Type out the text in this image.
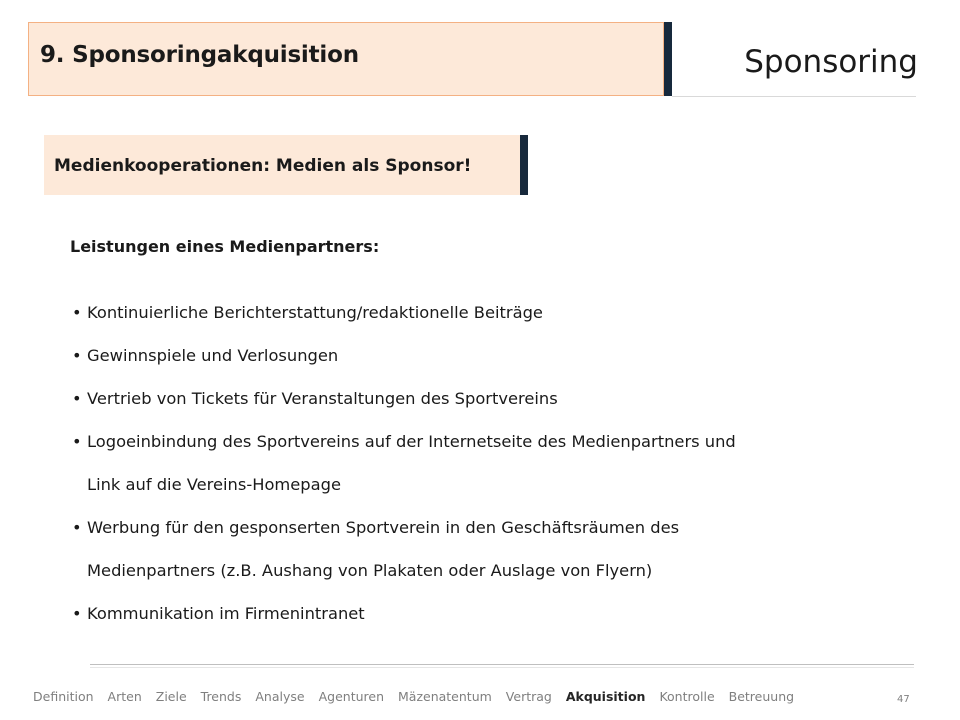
9. Sponsoringakquisition	Sponsoring
Medienkooperationen: Medien als Sponsor!
Leistungen eines Medienpartners:
• Kontinuierliche Berichterstattung/redaktionelle Beiträge
• Gewinnspiele und Verlosungen
• Vertrieb von Tickets für Veranstaltungen des Sportvereins
• Logoeinbindung des Sportvereins auf der Internetseite des Medienpartners und
Link auf die Vereins-Homepage
• Werbung für den gesponserten Sportverein in den Geschäftsräumen des
Medienpartners (z.B. Aushang von Plakaten oder Auslage von Flyern)
• Kommunikation im Firmenintranet
Definition Arten Ziele Trends Analyse Agenturen Mäzenatentum Vertrag Akquisition Kontrolle Betreuung	47
